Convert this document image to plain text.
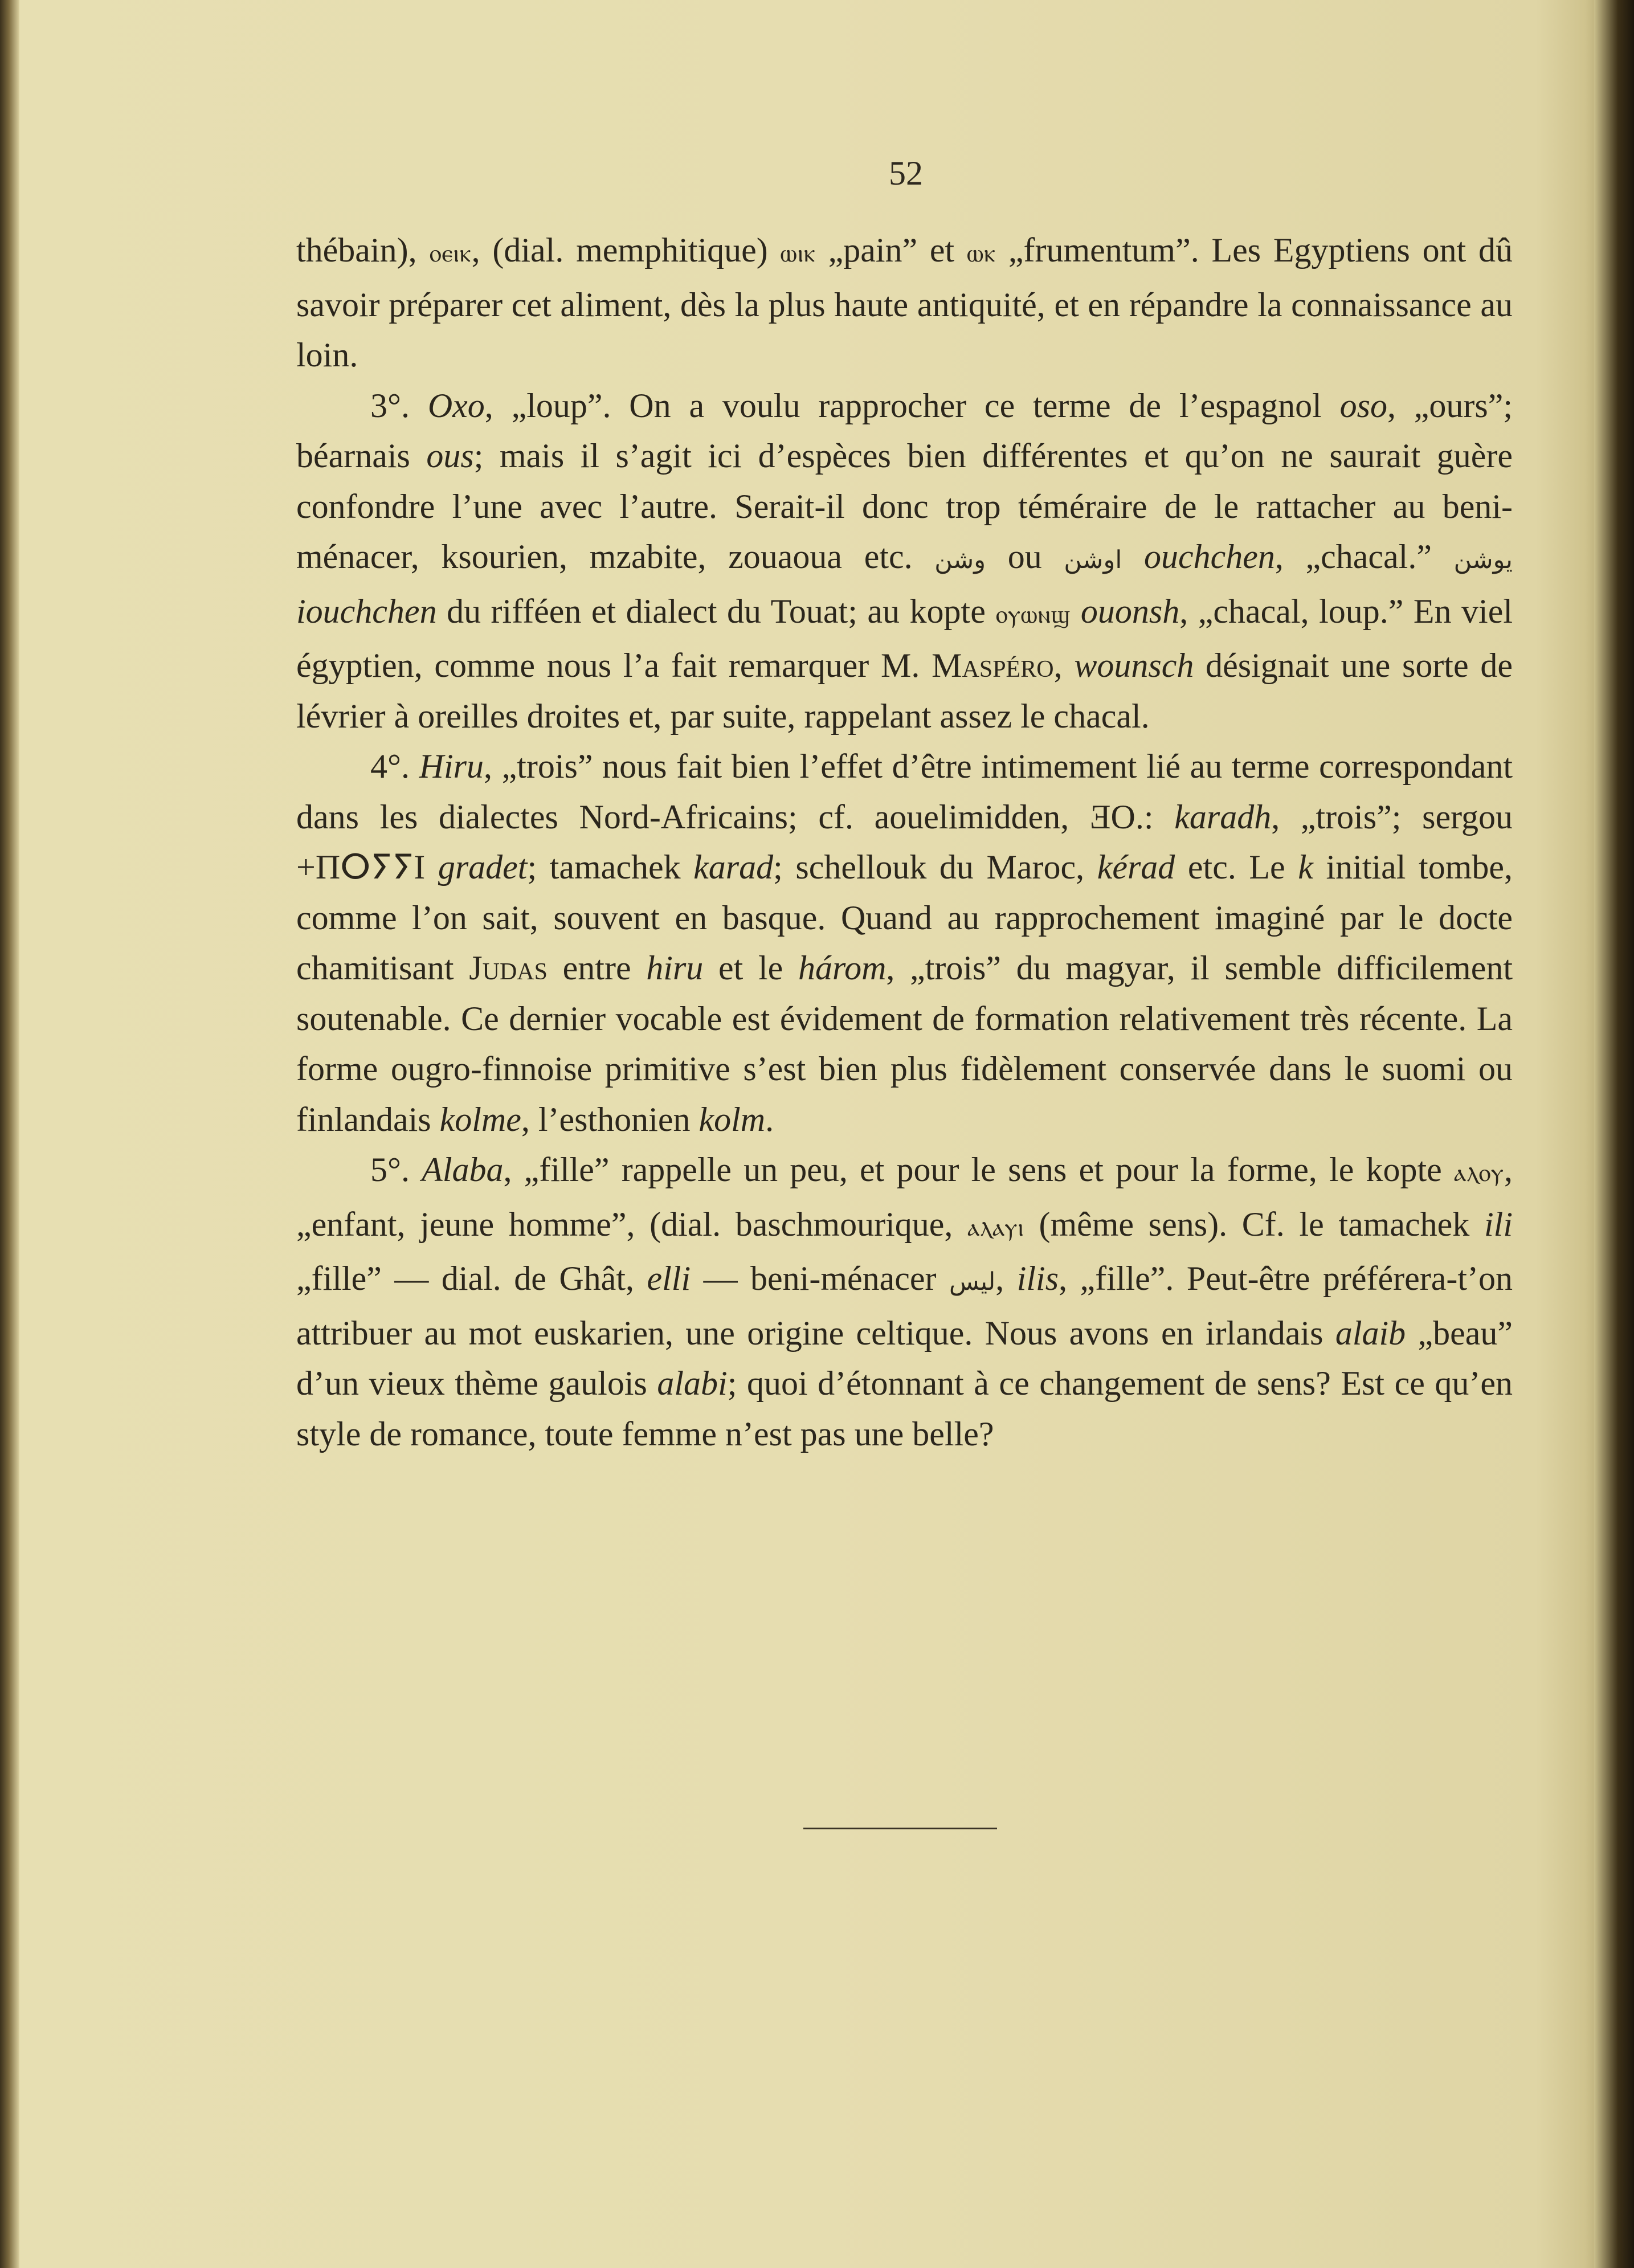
52

thébain), ⲟⲉⲓⲕ, (dial. memphitique) ⲱⲓⲕ „pain” et ⲱⲕ „frumentum”. Les Egyptiens ont dû savoir préparer cet aliment, dès la plus haute antiquité, et en répandre la connaissance au loin.

3°. Oxo, „loup”. On a voulu rapprocher ce terme de l’espagnol oso, „ours”; béarnais ous; mais il s’agit ici d’espèces bien différentes et qu’on ne saurait guère confondre l’une avec l’autre. Serait-il donc trop téméraire de le rattacher au beni-ménacer, ksourien, mzabite, zouaoua etc. وشن ou اوشن ouchchen, „chacal.” يوشن iouchchen du rifféen et dialect du Touat; au kopte ⲟⲩⲱⲛϣ ouonsh, „chacal, loup.” En viel égyptien, comme nous l’a fait remarquer M. Maspéro, wounsch désignait une sorte de lévrier à oreilles droites et, par suite, rappelant assez le chacal.

4°. Hiru, „trois” nous fait bien l’effet d’être intimement lié au terme correspondant dans les dialectes Nord-Africains; cf. aouelimidden, ƎO.: karadh, „trois”; sergou +ΠⵔⵢⵢІ gradet; tamachek karad; schellouk du Maroc, kérad etc. Le k initial tombe, comme l’on sait, souvent en basque. Quand au rapprochement imaginé par le docte chamitisant Judas entre hiru et le három, „trois” du magyar, il semble difficilement soutenable. Ce dernier vocable est évidement de formation relativement très récente. La forme ougro-finnoise primitive s’est bien plus fidèlement conservée dans le suomi ou finlandais kolme, l’esthonien kolm.

5°. Alaba, „fille” rappelle un peu, et pour le sens et pour la forme, le kopte ⲁⲗⲟⲩ, „enfant, jeune homme”, (dial. baschmourique, ⲁⲗⲁⲩⲓ (même sens). Cf. le tamachek ili „fille” — dial. de Ghât, elli — beni-ménacer ليس, ilis, „fille”. Peut-être préférera-t’on attribuer au mot euskarien, une origine celtique. Nous avons en irlandais alaib „beau” d’un vieux thème gaulois alabi; quoi d’étonnant à ce changement de sens? Est ce qu’en style de romance, toute femme n’est pas une belle?
